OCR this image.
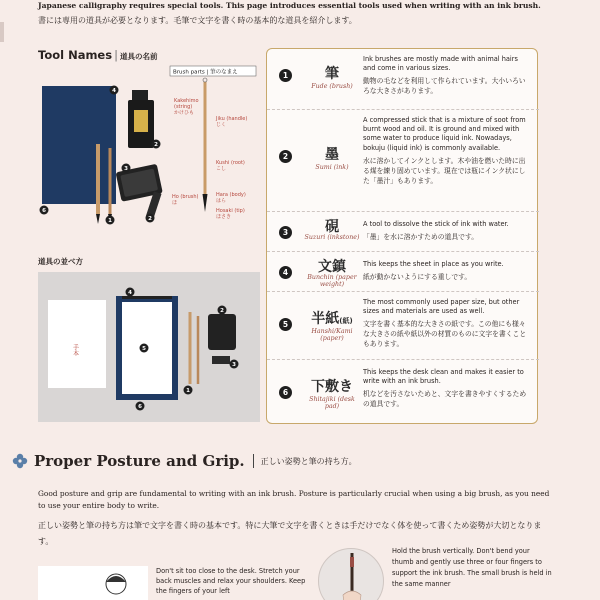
Japanese calligraphy requires special tools. This page introduces essential tools used when writing with an ink brush.
書には専用の道具が必要となります。毛筆で文字を書く時の基本的な道具を紹介します。
Tool Names | 道具の名前
Brush parts | 筆のなまえ
Kakehimo
(string)
かけひも
Jiku (handle)
じく
Kushi (root)
こし
Ho (brush)
ほ
Hara (body)
はら
Hosaki (tip)
ほさき
4
2
3
6
1	2
道具の並べ方
手本
4
2
5
1
3
6
1	筆
Fude (brush)
Ink brushes are mostly made with animal hairs and come in various sizes.
動物の毛などを利用して作られています。大小いろいろな大きさがあります。
2	墨
Sumi (ink)
A compressed stick that is a mixture of soot from burnt wood and oil. It is ground and mixed with some water to produce liquid ink. Nowadays, bokuju (liquid ink) is commonly available.
水に溶かしてインクとします。木や油を燃いた時に出る煤を練り固めています。現在では瓶にインク状にした「墨汁」もあります。
3	硯
Suzuri (inkstone)
A tool to dissolve the stick of ink with water.
「墨」を水に溶かすための道具です。
4	文鎮
Bunchin (paper weight)
This keeps the sheet in place as you write.
紙が動かないようにする重しです。
5	半紙(紙)
Hanshi/Kami (paper)
The most commonly used paper size, but other sizes and materials are used as well.
文字を書く基本的な大きさの紙です。この他にも様々な大きさの紙や紙以外の材質のものに文字を書くこともあります。
6 下敷き
Shitajiki (desk pad)
This keeps the desk clean and makes it easier to write with an ink brush.
机などを汚さないためと、文字を書きやすくするための道具です。
Proper Posture and Grip. 正しい姿勢と筆の持ち方。
Good posture and grip are fundamental to writing with an ink brush. Posture is particularly crucial when using a big brush, as you need to use your entire body to write.
正しい姿勢と筆の持ち方は筆で文字を書く時の基本です。特に大筆で文字を書くときは手だけでなく体を使って書くため姿勢が大切となります。
Don't sit too close to the desk. Stretch your back muscles and relax your shoulders. Keep the fingers of your left
Hold the brush vertically. Don't bend your thumb and gently use three or four fingers to support the ink brush. The small brush is held in the same manner
